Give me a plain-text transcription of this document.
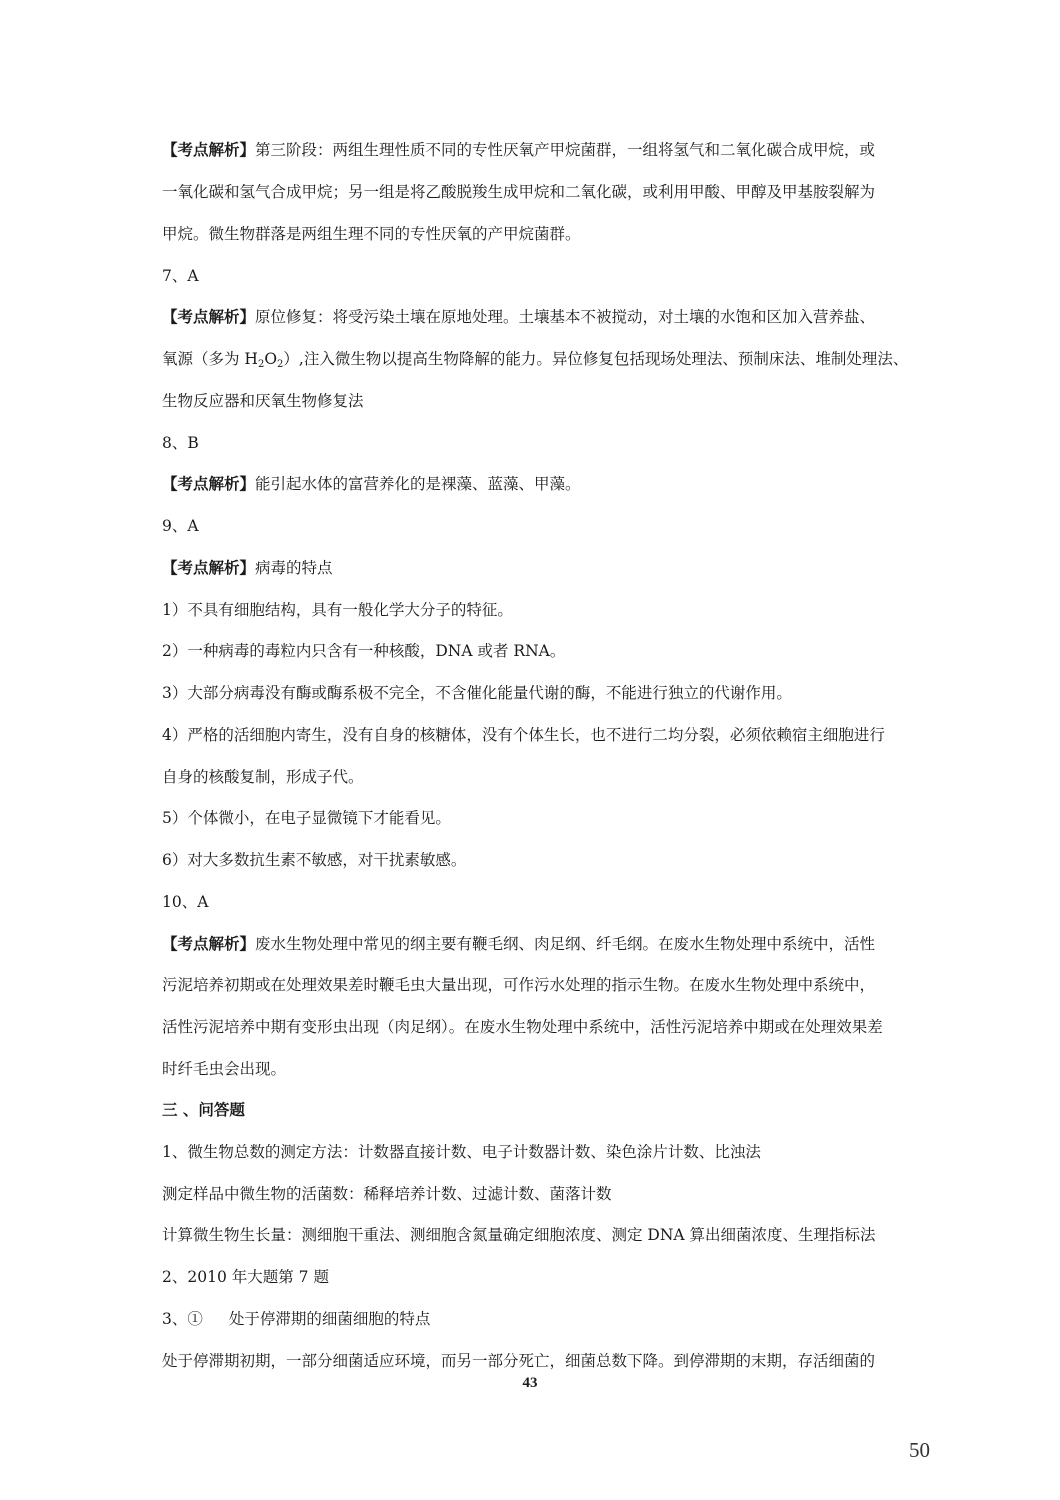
【考点解析】第三阶段：两组生理性质不同的专性厌氧产甲烷菌群，一组将氢气和二氧化碳合成甲烷，或
一氧化碳和氢气合成甲烷；另一组是将乙酸脱羧生成甲烷和二氧化碳，或利用甲酸、甲醇及甲基胺裂解为
甲烷。微生物群落是两组生理不同的专性厌氧的产甲烷菌群。
7、A
【考点解析】原位修复：将受污染土壤在原地处理。土壤基本不被搅动，对土壤的水饱和区加入营养盐、
氧源（多为 $H_2O_2$）,注入微生物以提高生物降解的能力。异位修复包括现场处理法、预制床法、堆制处理法、
生物反应器和厌氧生物修复法
8、B
【考点解析】能引起水体的富营养化的是裸藻、蓝藻、甲藻。
9、A
【考点解析】病毒的特点
1）不具有细胞结构，具有一般化学大分子的特征。
2）一种病毒的毒粒内只含有一种核酸，DNA 或者 RNA。
3）大部分病毒没有酶或酶系极不完全，不含催化能量代谢的酶，不能进行独立的代谢作用。
4）严格的活细胞内寄生，没有自身的核糖体，没有个体生长，也不进行二均分裂，必须依赖宿主细胞进行
自身的核酸复制，形成子代。
5）个体微小，在电子显微镜下才能看见。
6）对大多数抗生素不敏感，对干扰素敏感。
10、A
【考点解析】废水生物处理中常见的纲主要有鞭毛纲、肉足纲、纤毛纲。在废水生物处理中系统中，活性
污泥培养初期或在处理效果差时鞭毛虫大量出现，可作污水处理的指示生物。在废水生物处理中系统中，
活性污泥培养中期有变形虫出现（肉足纲）。在废水生物处理中系统中，活性污泥培养中期或在处理效果差
时纤毛虫会出现。
三 、问答题
1、微生物总数的测定方法：计数器直接计数、电子计数器计数、染色涂片计数、比浊法
测定样品中微生物的活菌数：稀释培养计数、过滤计数、菌落计数
计算微生物生长量：测细胞干重法、测细胞含氮量确定细胞浓度、测定 DNA 算出细菌浓度、生理指标法
2、2010 年大题第 7 题
3、① 处于停滞期的细菌细胞的特点
处于停滞期初期，一部分细菌适应环境，而另一部分死亡，细菌总数下降。到停滞期的末期，存活细菌的
43
50
